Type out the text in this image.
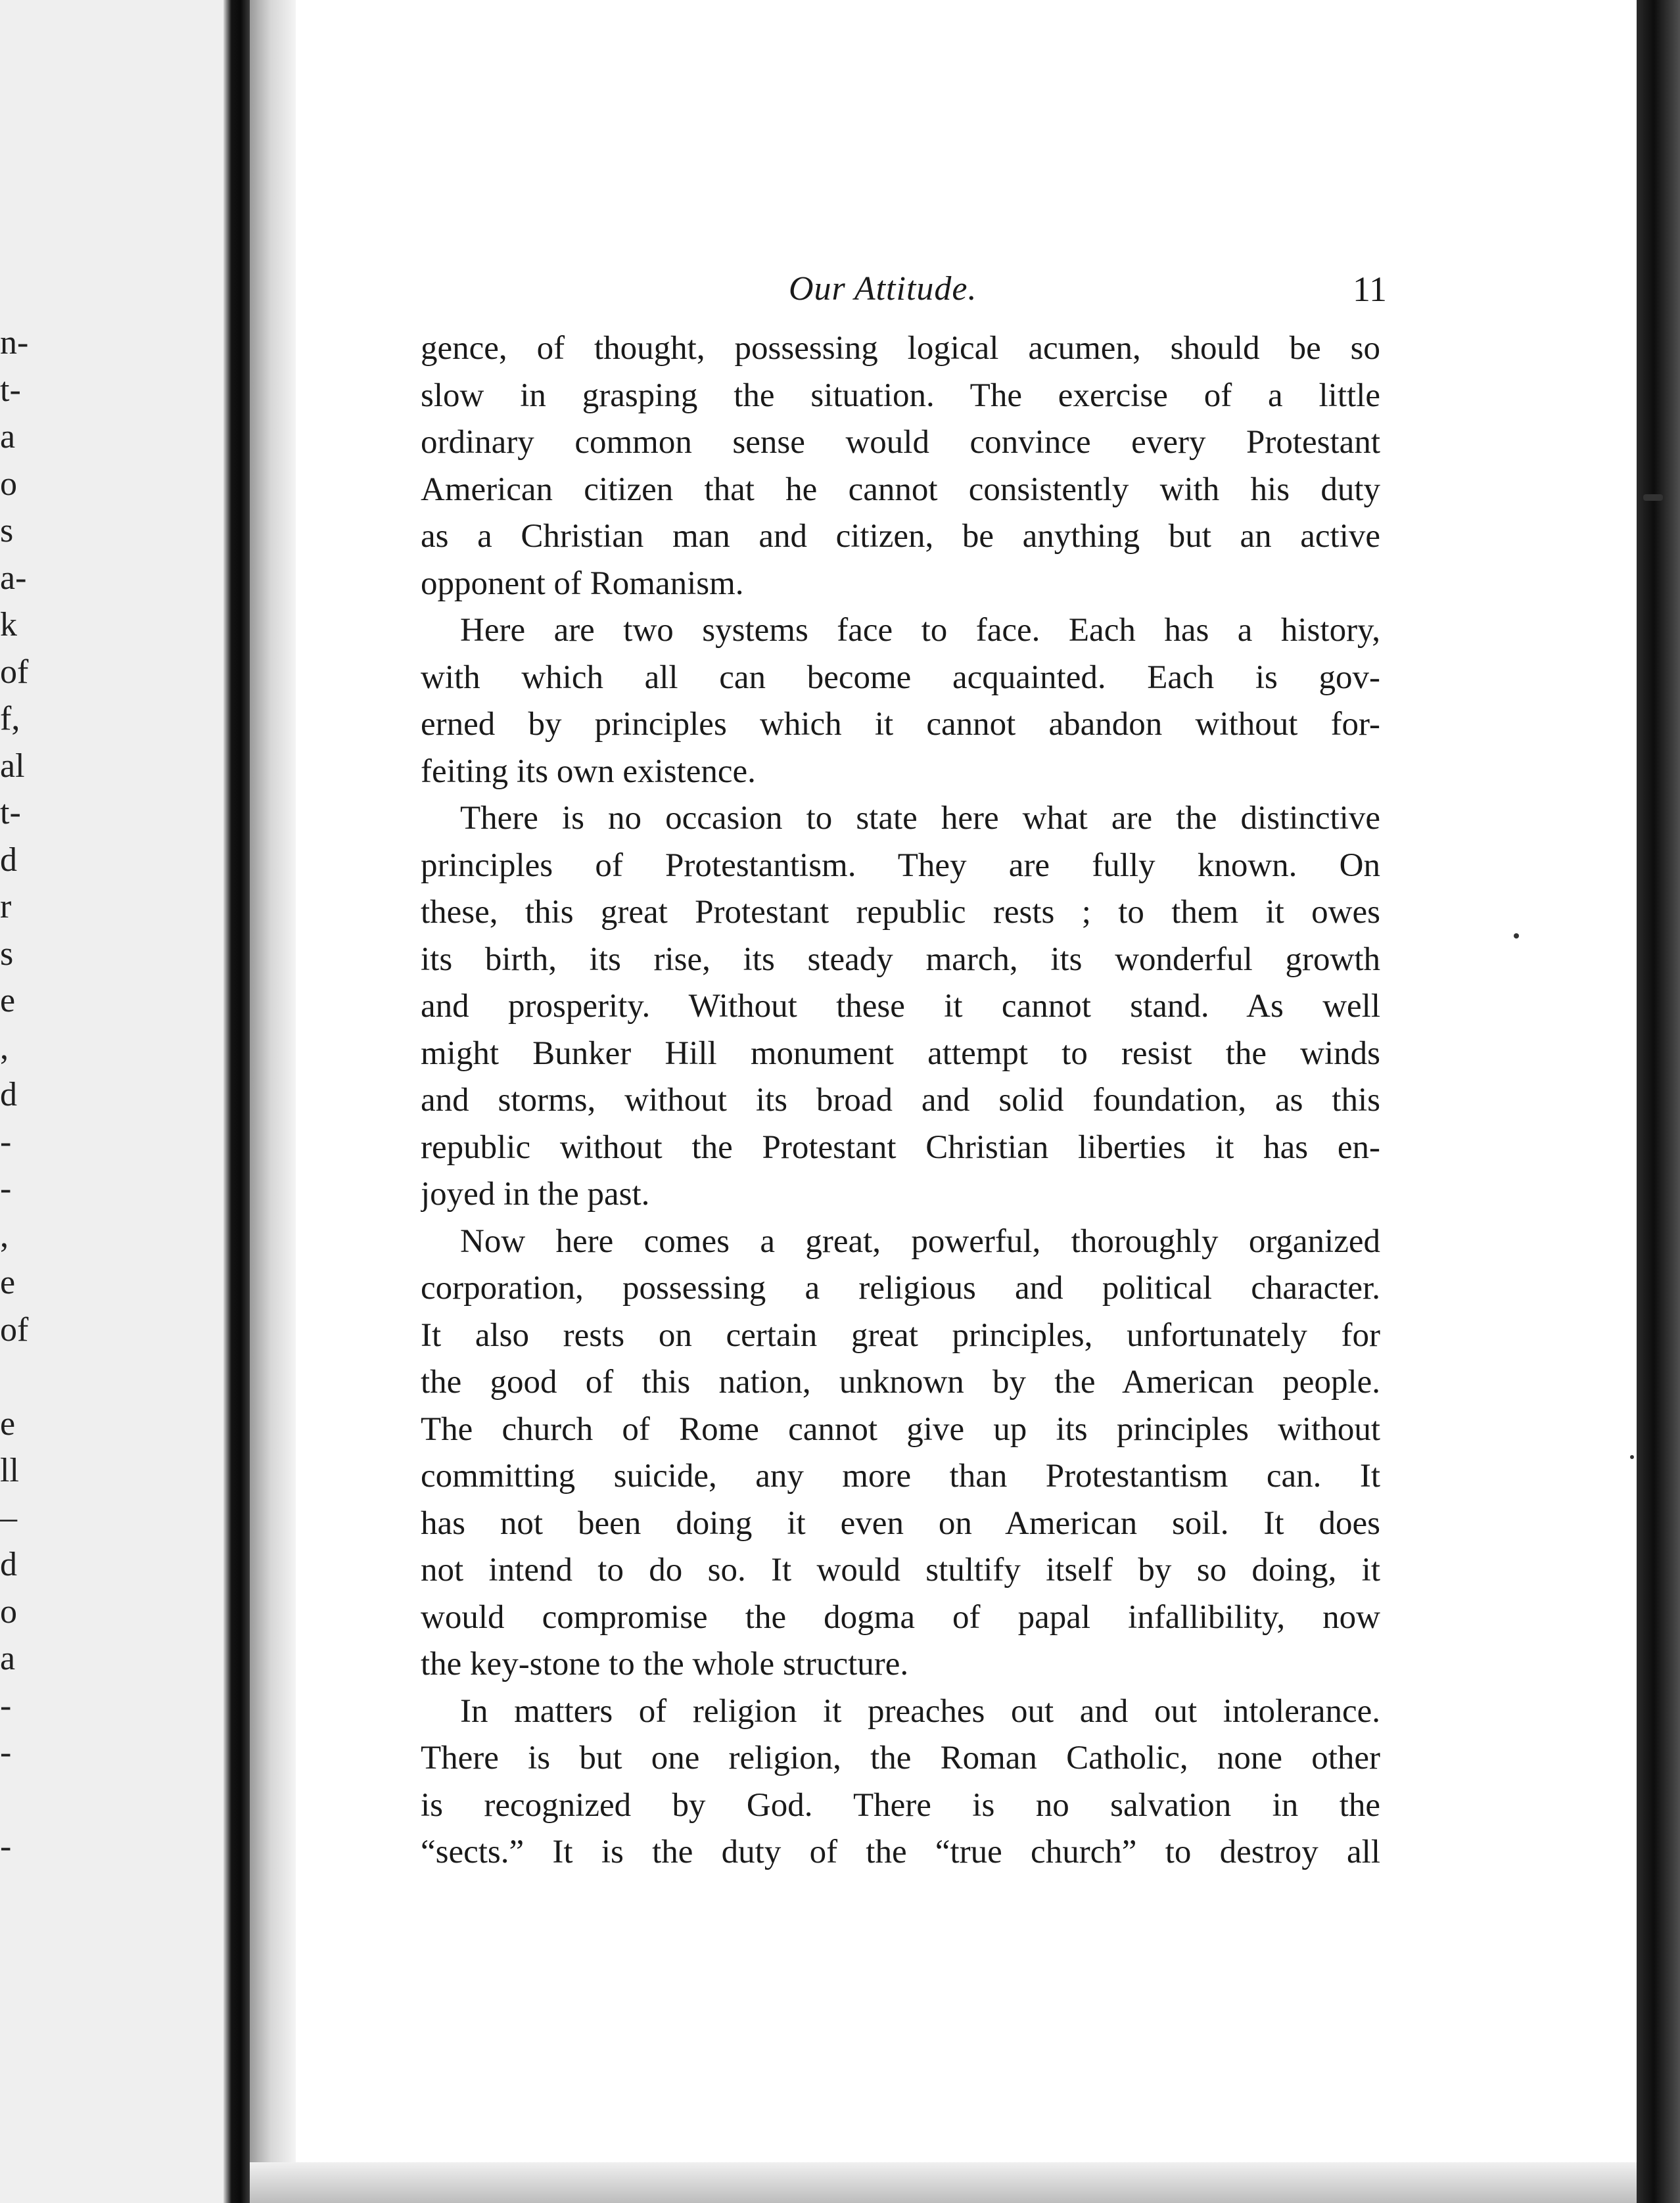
n-
t-
a
o
s
a-
k
of
f,
al
t-
d
r
s
e
,
d
-
-
,
e
of
e
ll
–
d
o
a
-
-
-
Our Attitude.	11
gence, of thought, possessing logical acumen, should be so
slow in grasping the situation. The exercise of a little
ordinary common sense would convince every Protestant
American citizen that he cannot consistently with his duty
as a Christian man and citizen, be anything but an active
opponent of Romanism.
Here are two systems face to face. Each has a history,
with which all can become acquainted. Each is gov-
erned by principles which it cannot abandon without for-
feiting its own existence.
There is no occasion to state here what are the distinctive
principles of Protestantism. They are fully known. On
these, this great Protestant republic rests ; to them it owes
its birth, its rise, its steady march, its wonderful growth
and prosperity. Without these it cannot stand. As well
might Bunker Hill monument attempt to resist the winds
and storms, without its broad and solid foundation, as this
republic without the Protestant Christian liberties it has en-
joyed in the past.
Now here comes a great, powerful, thoroughly organized
corporation, possessing a religious and political character.
It also rests on certain great principles, unfortunately for
the good of this nation, unknown by the American people.
The church of Rome cannot give up its principles without
committing suicide, any more than Protestantism can. It
has not been doing it even on American soil. It does
not intend to do so. It would stultify itself by so doing, it
would compromise the dogma of papal infallibility, now
the key-stone to the whole structure.
In matters of religion it preaches out and out intolerance.
There is but one religion, the Roman Catholic, none other
is recognized by God. There is no salvation in the
“sects.” It is the duty of the “true church” to destroy all
